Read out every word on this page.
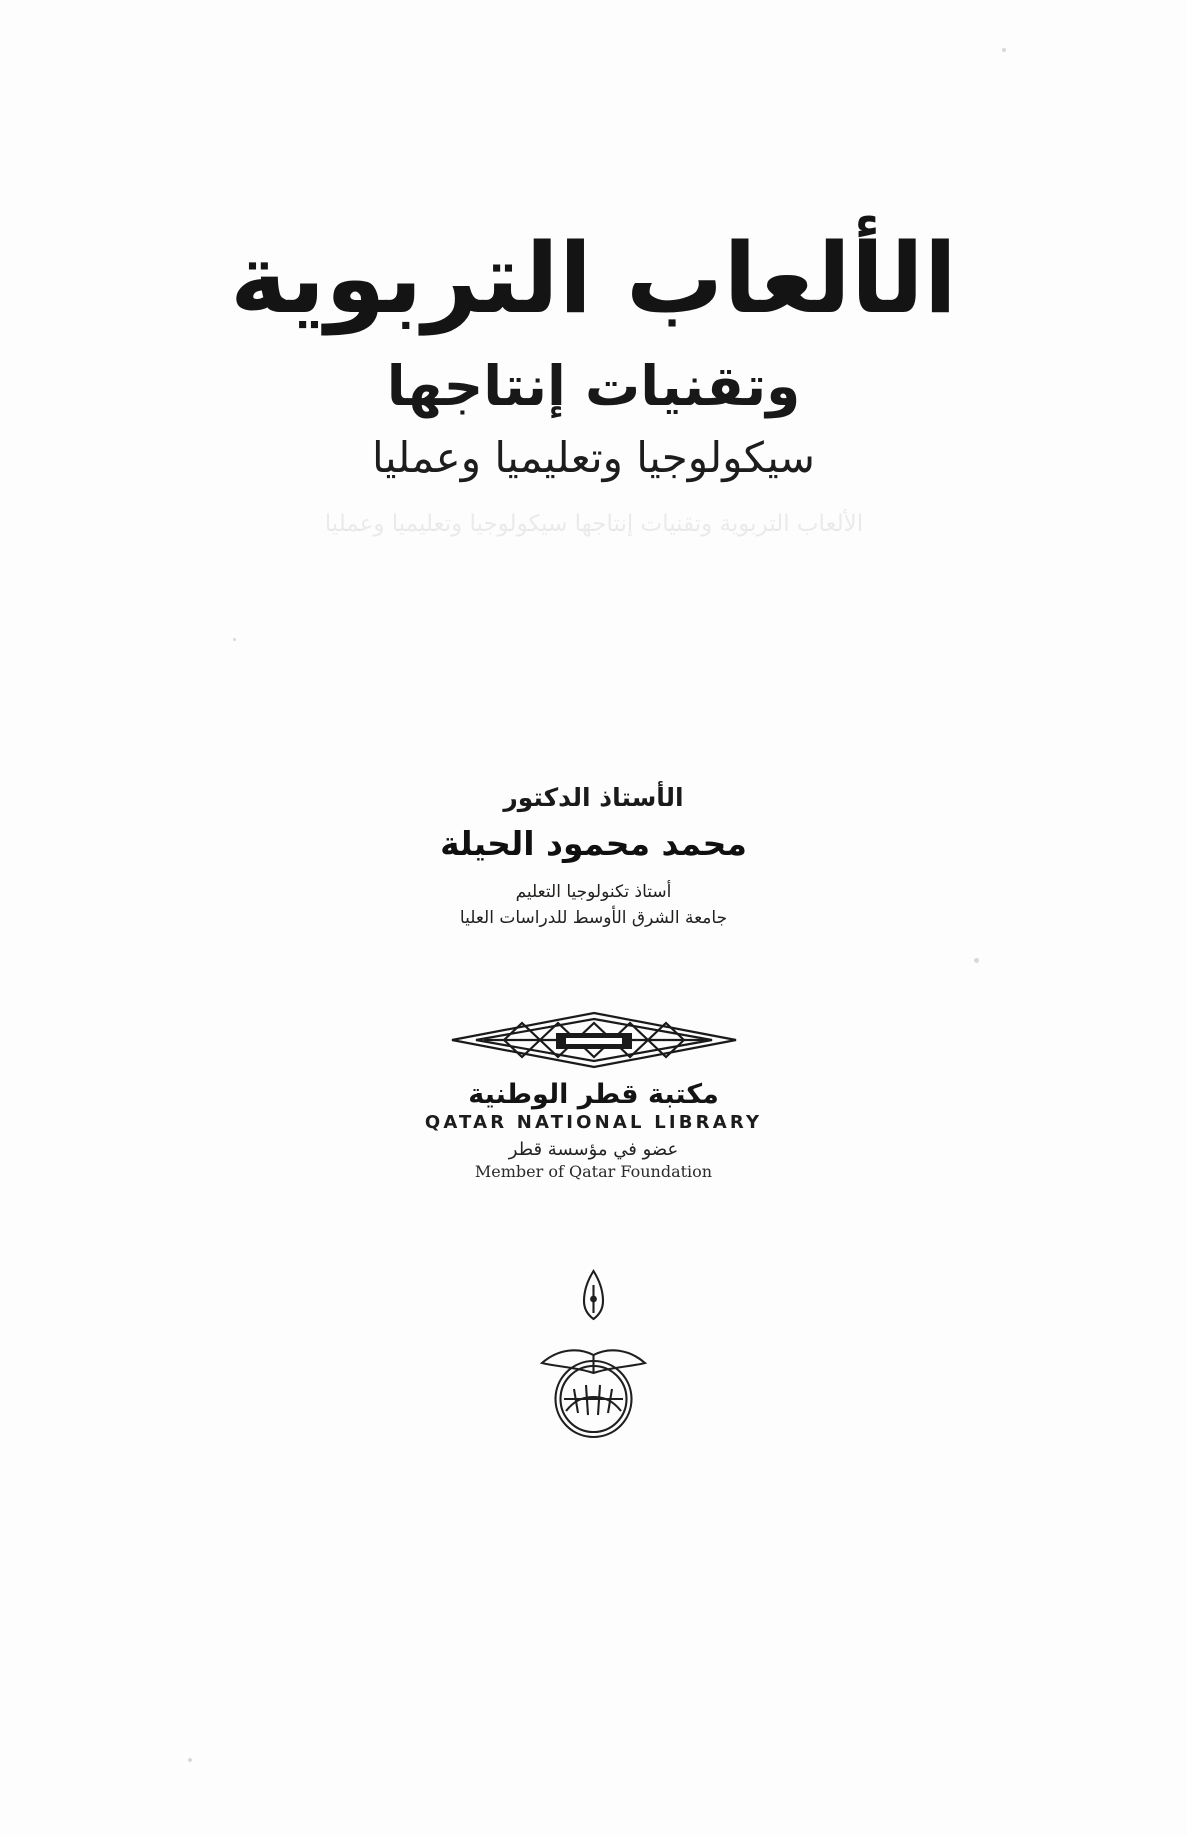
الألعاب التربوية وتقنيات إنتاجها سيكولوجيا وتعليميا وعمليا
الألعاب التربوية
وتقنيات إنتاجها
سيكولوجيا وتعليميا وعمليا
الأستاذ الدكتور
محمد محمود الحيلة
أستاذ تكنولوجيا التعليم
جامعة الشرق الأوسط للدراسات العليا
مكتبة قطر الوطنية
QATAR NATIONAL LIBRARY
عضو في مؤسسة قطر
Member of Qatar Foundation
